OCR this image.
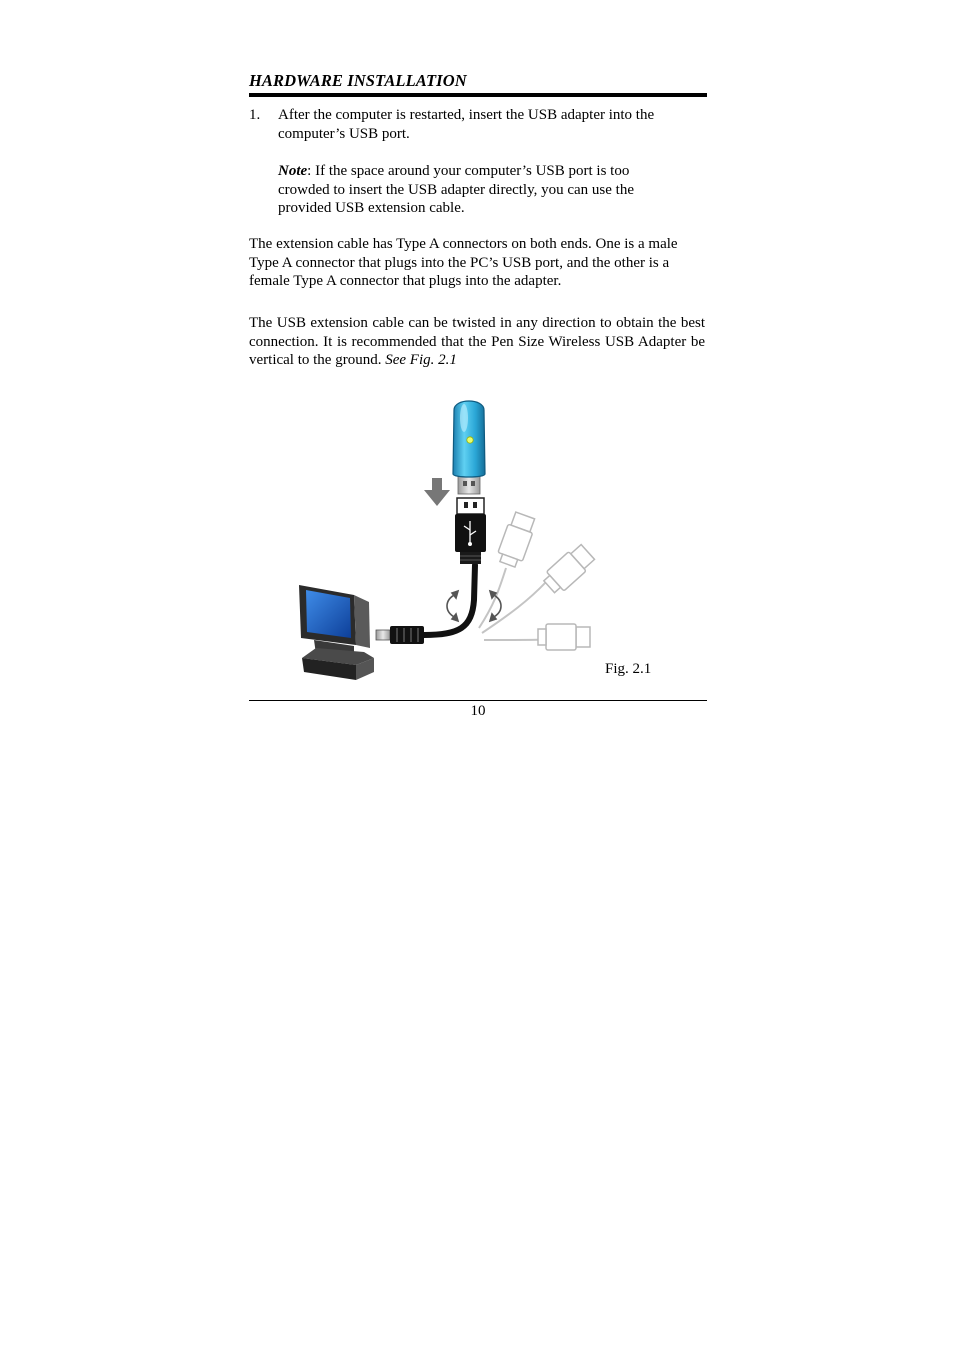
HARDWARE INSTALLATION
1. After the computer is restarted, insert the USB adapter into the computer’s USB port.
Note: If the space around your computer’s USB port is too crowded to insert the USB adapter directly, you can use the provided USB extension cable.
The extension cable has Type A connectors on both ends. One is a male Type A connector that plugs into the PC’s USB port, and the other is a female Type A connector that plugs into the adapter.
The USB extension cable can be twisted in any direction to obtain the best connection. It is recommended that the Pen Size Wireless USB Adapter be vertical to the ground. See Fig. 2.1
Fig. 2.1
10
